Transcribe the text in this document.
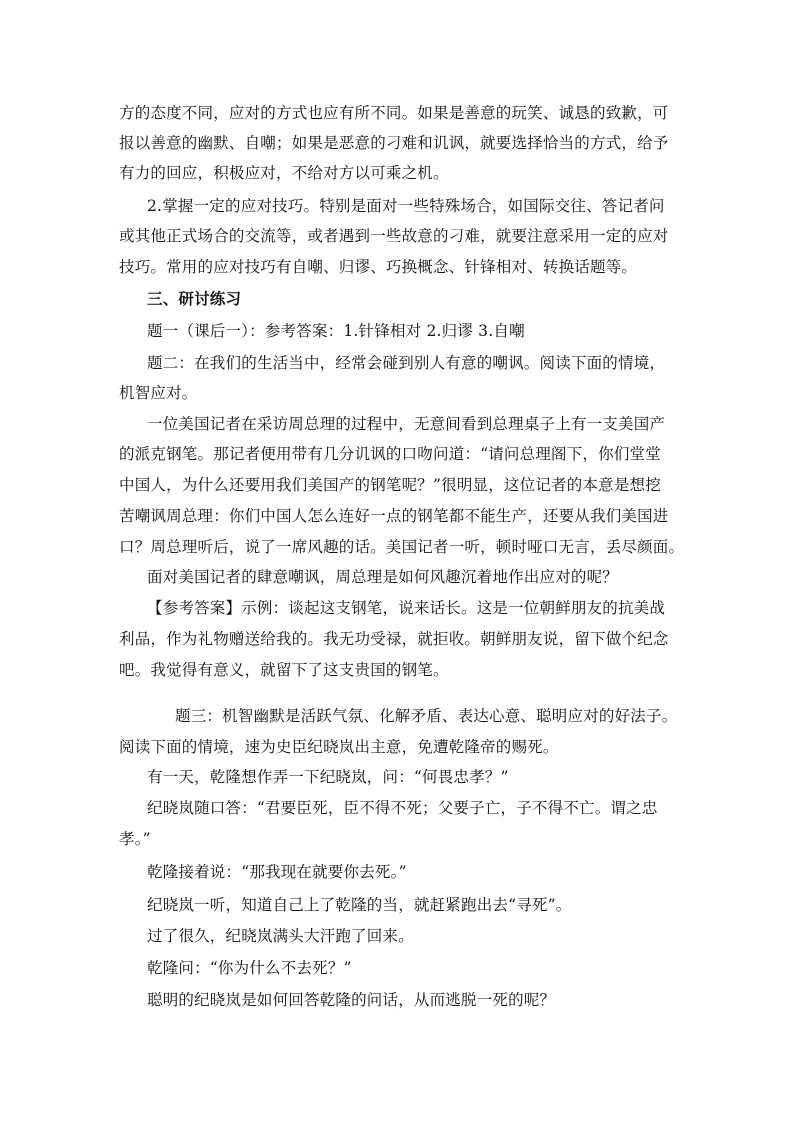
方的态度不同，应对的方式也应有所不同。如果是善意的玩笑、诚恳的致歉，可
报以善意的幽默、自嘲；如果是恶意的刁难和讥讽，就要选择恰当的方式，给予
有力的回应，积极应对，不给对方以可乘之机。
2.掌握一定的应对技巧。特别是面对一些特殊场合，如国际交往、答记者问
或其他正式场合的交流等，或者遇到一些故意的刁难，就要注意采用一定的应对
技巧。常用的应对技巧有自嘲、归谬、巧换概念、针锋相对、转换话题等。
三、研讨练习
题一（课后一）：参考答案：1.针锋相对 2.归谬 3.自嘲
题二：在我们的生活当中，经常会碰到别人有意的嘲讽。阅读下面的情境，
机智应对。
一位美国记者在采访周总理的过程中，无意间看到总理桌子上有一支美国产
的派克钢笔。那记者便用带有几分讥讽的口吻问道：“请问总理阁下，你们堂堂
中国人，为什么还要用我们美国产的钢笔呢？”很明显，这位记者的本意是想挖
苦嘲讽周总理：你们中国人怎么连好一点的钢笔都不能生产，还要从我们美国进
口？周总理听后，说了一席风趣的话。美国记者一听，顿时哑口无言，丢尽颜面。
面对美国记者的肆意嘲讽，周总理是如何风趣沉着地作出应对的呢？
【参考答案】示例：谈起这支钢笔，说来话长。这是一位朝鲜朋友的抗美战
利品，作为礼物赠送给我的。我无功受禄，就拒收。朝鲜朋友说，留下做个纪念
吧。我觉得有意义，就留下了这支贵国的钢笔。
题三：机智幽默是活跃气氛、化解矛盾、表达心意、聪明应对的好法子。
阅读下面的情境，速为史臣纪晓岚出主意，免遭乾隆帝的赐死。
有一天，乾隆想作弄一下纪晓岚，问：“何畏忠孝？”
纪晓岚随口答：“君要臣死，臣不得不死；父要子亡，子不得不亡。谓之忠
孝。”
乾隆接着说：“那我现在就要你去死。”
纪晓岚一听，知道自己上了乾隆的当，就赶紧跑出去“寻死”。
过了很久，纪晓岚满头大汗跑了回来。
乾隆问：“你为什么不去死？”
聪明的纪晓岚是如何回答乾隆的问话，从而逃脱一死的呢？
